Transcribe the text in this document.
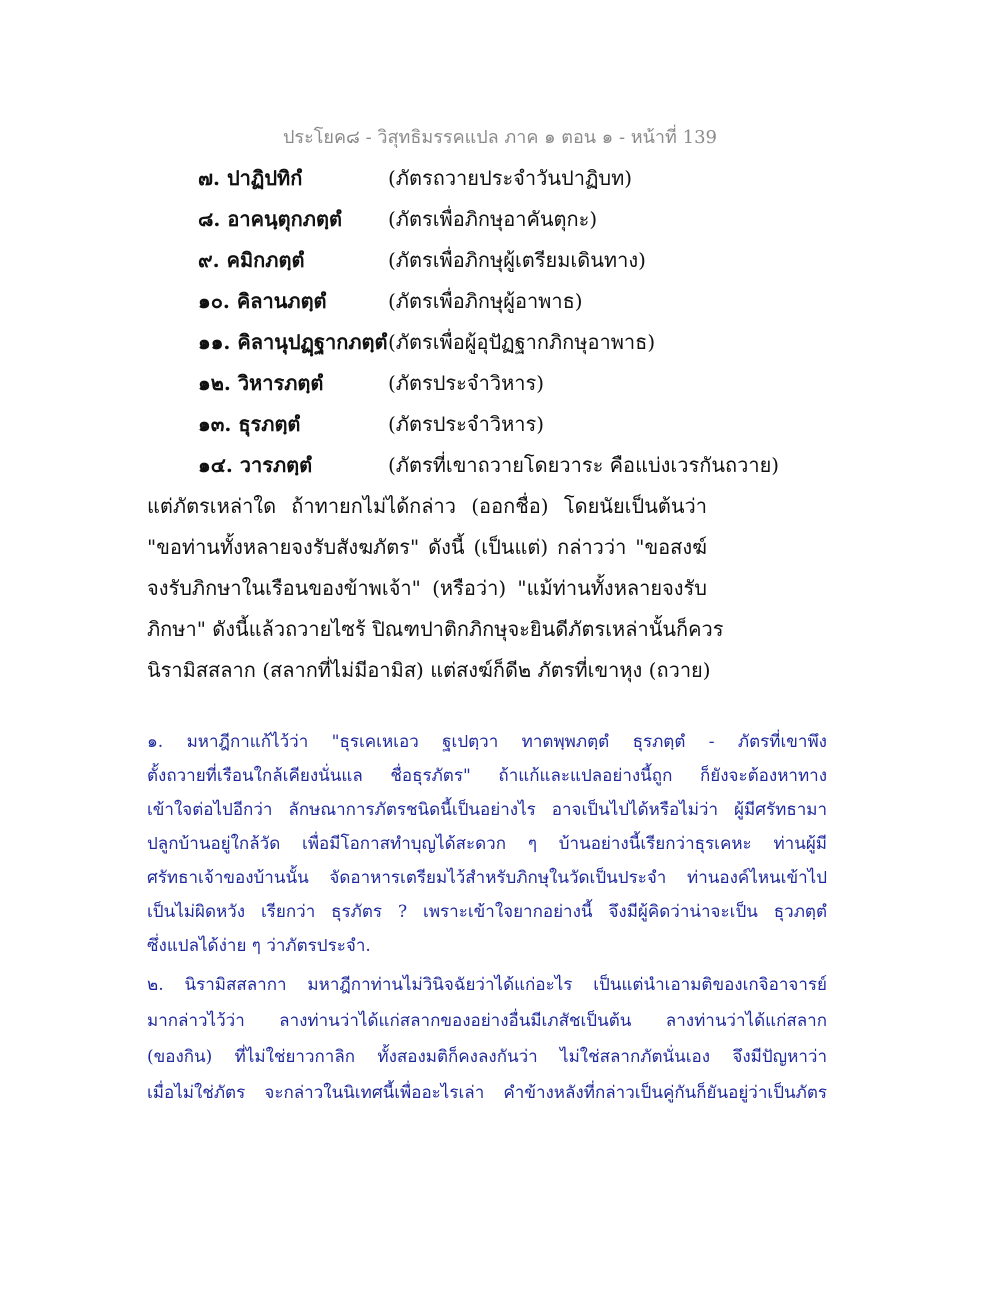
ประโยค๘ - วิสุทธิมรรคแปล ภาค ๑ ตอน ๑ - หน้าที่ 139
๗. ปาฏิปทิกํ	(ภัตรถวายประจำวันปาฏิบท)
๘. อาคนฺตุกภตฺตํ (ภัตรเพื่อภิกษุอาคันตุกะ)
๙. คมิกภตฺตํ	(ภัตรเพื่อภิกษุผู้เตรียมเดินทาง)
๑๐. คิลานภตฺตํ	(ภัตรเพื่อภิกษุผู้อาพาธ)
๑๑. คิลานุปฏฺฐากภตฺตํ(ภัตรเพื่อผู้อุปัฏฐากภิกษุอาพาธ)
๑๒. วิหารภตฺตํ	(ภัตรประจำวิหาร)
๑๓. ธุรภตฺตํ	(ภัตรประจำวิหาร)
๑๔. วารภตฺตํ	(ภัตรที่เขาถวายโดยวาระ คือแบ่งเวรกันถวาย)
แต่ภัตรเหล่าใด ถ้าทายกไม่ได้กล่าว (ออกชื่อ) โดยนัยเป็นต้นว่า
"ขอท่านทั้งหลายจงรับสังฆภัตร" ดังนี้ (เป็นแต่) กล่าวว่า "ขอสงฆ์
จงรับภิกษาในเรือนของข้าพเจ้า" (หรือว่า) "แม้ท่านทั้งหลายจงรับ
ภิกษา" ดังนี้แล้วถวายไซร้ ปิณฑปาติกภิกษุจะยินดีภัตรเหล่านั้นก็ควร
นิรามิสสลาก (สลากที่ไม่มีอามิส) แต่สงฆ์ก็ดี๒ ภัตรที่เขาหุง (ถวาย)
๑. มหาฎีกาแก้ไว้ว่า "ธุรเคเหเอว ฐเปตฺวา ทาตพฺพภตฺตํ ธุรภตฺตํ - ภัตรที่เขาพึง
ตั้งถวายที่เรือนใกล้เคียงนั่นแล ชื่อธุรภัตร" ถ้าแก้และแปลอย่างนี้ถูก ก็ยังจะต้องหาทาง
เข้าใจต่อไปอีกว่า ลักษณาการภัตรชนิดนี้เป็นอย่างไร อาจเป็นไปได้หรือไม่ว่า ผู้มีศรัทธามา
ปลูกบ้านอยู่ใกล้วัด เพื่อมีโอกาสทำบุญได้สะดวก ๆ บ้านอย่างนี้เรียกว่าธุรเคหะ ท่านผู้มี
ศรัทธาเจ้าของบ้านนั้น จัดอาหารเตรียมไว้สำหรับภิกษุในวัดเป็นประจำ ท่านองค์ไหนเข้าไป
เป็นไม่ผิดหวัง เรียกว่า ธุรภัตร ? เพราะเข้าใจยากอย่างนี้ จึงมีผู้คิดว่าน่าจะเป็น ธุวภตฺตํ
ซึ่งแปลได้ง่าย ๆ ว่าภัตรประจำ.
๒. นิรามิสสลากา มหาฎีกาท่านไม่วินิจฉัยว่าได้แก่อะไร เป็นแต่นำเอามติของเกจิอาจารย์
มากล่าวไว้ว่า ลางท่านว่าได้แก่สลากของอย่างอื่นมีเภสัชเป็นต้น ลางท่านว่าได้แก่สลาก
(ของกิน) ที่ไม่ใช่ยาวกาลิก ทั้งสองมติก็คงลงกันว่า ไม่ใช่สลากภัตนั่นเอง จึงมีปัญหาว่า
เมื่อไม่ใช่ภัตร จะกล่าวในนิเทศนี้เพื่ออะไรเล่า คำข้างหลังที่กล่าวเป็นคู่กันก็ยันอยู่ว่าเป็นภัตร
